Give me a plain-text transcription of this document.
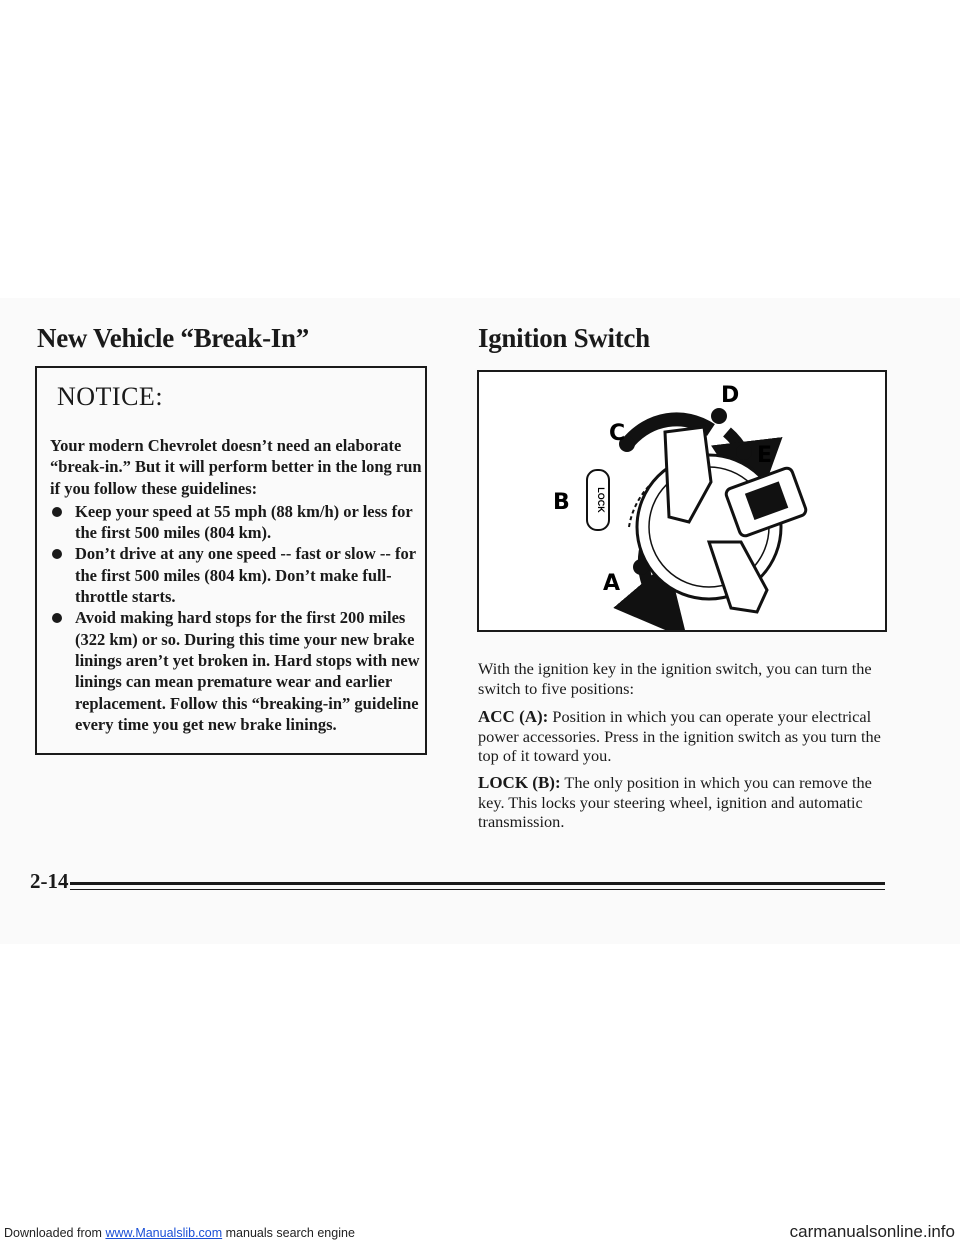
New Vehicle “Break-In”	Ignition Switch
NOTICE:

Your modern Chevrolet doesn’t need an elaborate “break-in.” But it will perform better in the long run if you follow these guidelines:

Keep your speed at 55 mph (88 km/h) or less for the first 500 miles (804 km).
Don’t drive at any one speed -- fast or slow -- for the first 500 miles (804 km). Don’t make full-throttle starts.
Avoid making hard stops for the first 200 miles (322 km) or so. During this time your new brake linings aren’t yet broken in. Hard stops with new linings can mean premature wear and earlier replacement. Follow this “breaking-in” guideline every time you get new brake linings.
LOCK
C
D
E
B
A

With the ignition key in the ignition switch, you can turn the switch to five positions:

ACC (A): Position in which you can operate your electrical power accessories. Press in the ignition switch as you turn the top of it toward you.

LOCK (B): The only position in which you can remove the key. This locks your steering wheel, ignition and automatic transmission.

2-14
Downloaded from www.Manualslib.com manuals search engine	carmanualsonline.info
